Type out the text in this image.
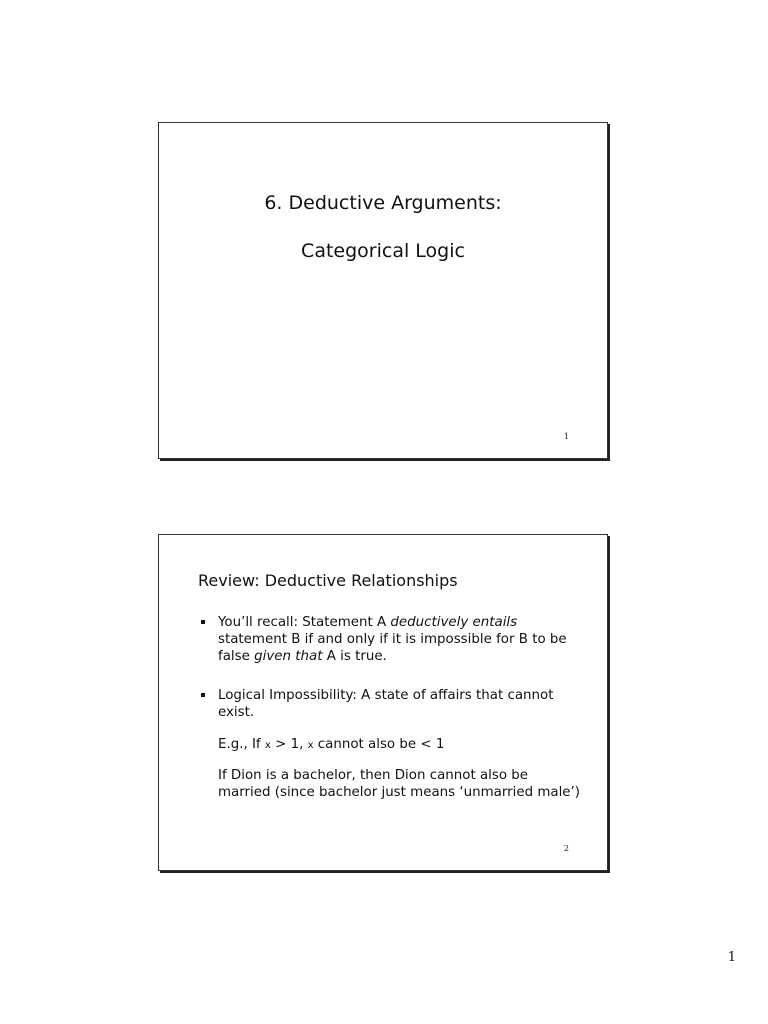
6. Deductive Arguments:
Categorical Logic
1
Review: Deductive Relationships
You’ll recall: Statement A deductively entails statement B if and only if it is impossible for B to be false given that A is true.
Logical Impossibility: A state of affairs that cannot exist.
E.g., If x > 1, x cannot also be < 1
If Dion is a bachelor, then Dion cannot also be married (since bachelor just means ‘unmarried male’)
2
1
